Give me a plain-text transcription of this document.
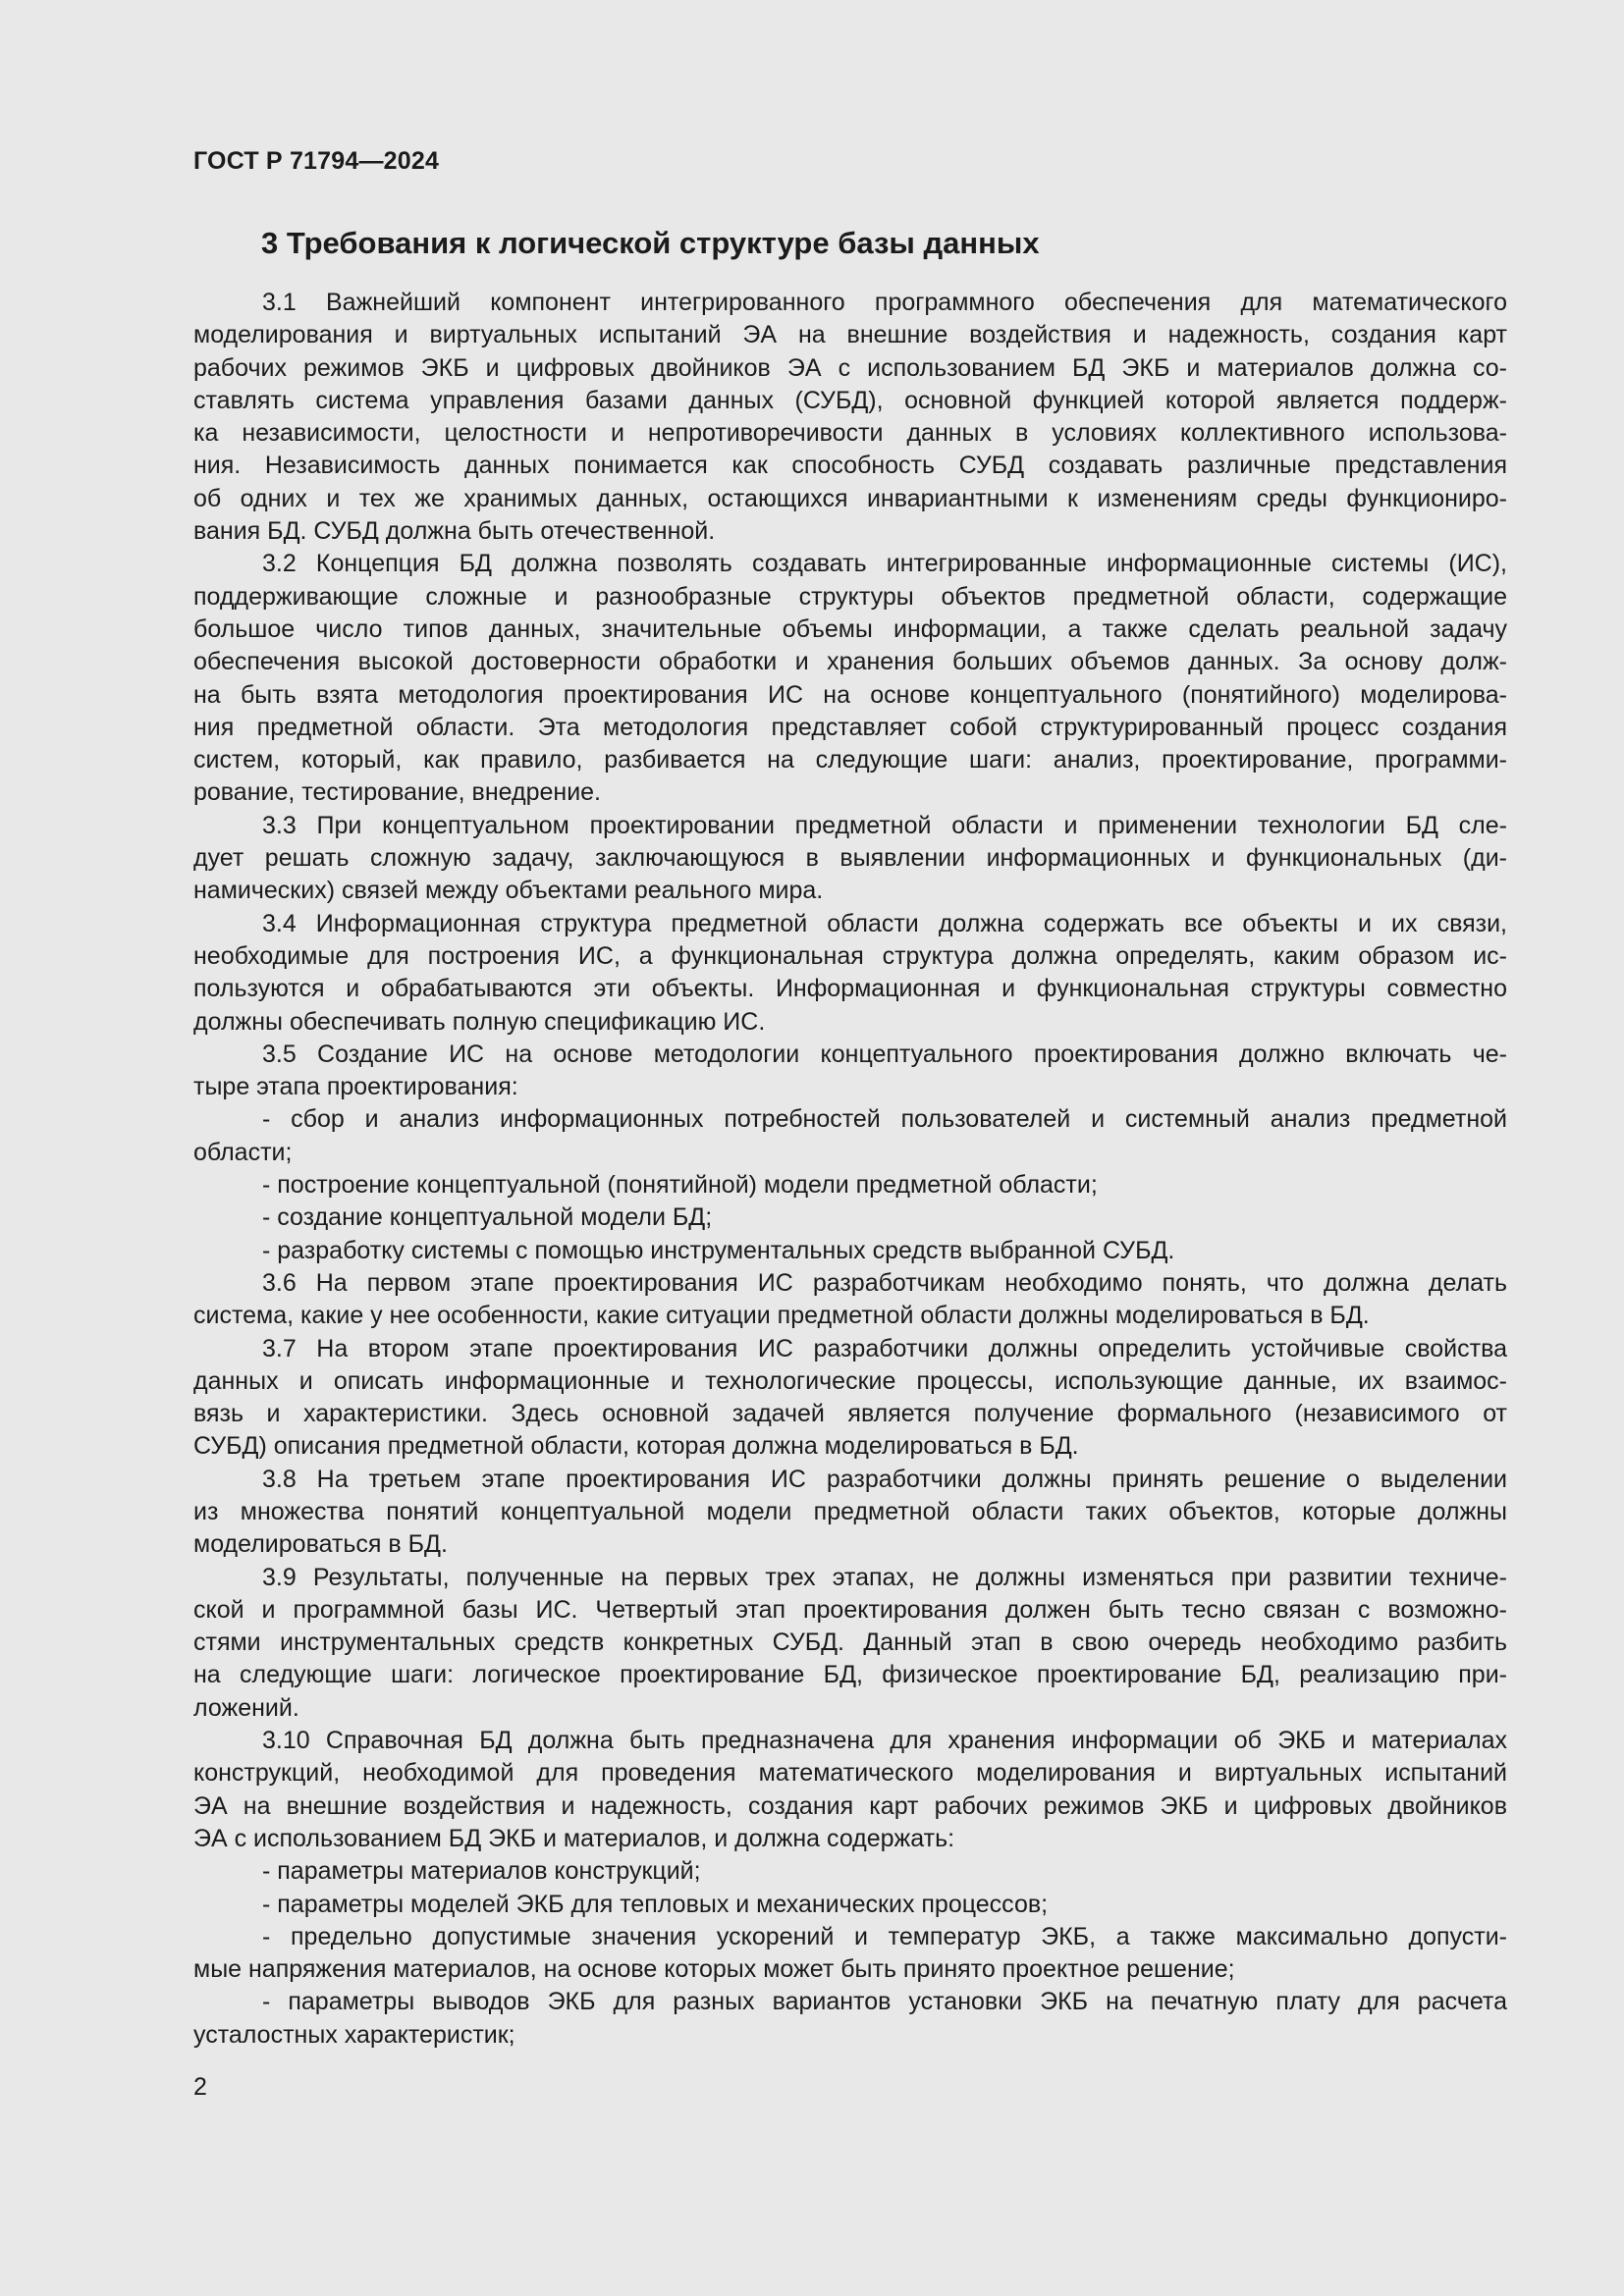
ГОСТ Р 71794—2024
3 Требования к логической структуре базы данных
3.1 Важнейший компонент интегрированного программного обеспечения для математического
моделирования и виртуальных испытаний ЭА на внешние воздействия и надежность, создания карт
рабочих режимов ЭКБ и цифровых двойников ЭА с использованием БД ЭКБ и материалов должна со-
ставлять система управления базами данных (СУБД), основной функцией которой является поддерж-
ка независимости, целостности и непротиворечивости данных в условиях коллективного использова-
ния. Независимость данных понимается как способность СУБД создавать различные представления
об одних и тех же хранимых данных, остающихся инвариантными к изменениям среды функционирo-
вания БД. СУБД должна быть отечественной.
3.2 Концепция БД должна позволять создавать интегрированные информационные системы (ИС),
поддерживающие сложные и разнообразные структуры объектов предметной области, содержащие
большое число типов данных, значительные объемы информации, а также сделать реальной задачу
обеспечения высокой достоверности обработки и хранения больших объемов данных. За основу долж-
на быть взята методология проектирования ИС на основе концептуального (понятийного) моделирова-
ния предметной области. Эта методология представляет собой структурированный процесс создания
систем, который, как правило, разбивается на следующие шаги: анализ, проектирование, программи-
рование, тестирование, внедрение.
3.3 При концептуальном проектировании предметной области и применении технологии БД сле-
дует решать сложную задачу, заключающуюся в выявлении информационных и функциональных (ди-
намических) связей между объектами реального мира.
3.4 Информационная структура предметной области должна содержать все объекты и их связи,
необходимые для построения ИС, а функциональная структура должна определять, каким образом ис-
пользуются и обрабатываются эти объекты. Информационная и функциональная структуры совместно
должны обеспечивать полную спецификацию ИС.
3.5 Создание ИС на основе методологии концептуального проектирования должно включать че-
тыре этапа проектирования:
- сбор и анализ информационных потребностей пользователей и системный анализ предметной
области;
- построение концептуальной (понятийной) модели предметной области;
- создание концептуальной модели БД;
- разработку системы с помощью инструментальных средств выбранной СУБД.
3.6 На первом этапе проектирования ИС разработчикам необходимо понять, что должна делать
система, какие у нее особенности, какие ситуации предметной области должны моделироваться в БД.
3.7 На втором этапе проектирования ИС разработчики должны определить устойчивые свойства
данных и описать информационные и технологические процессы, использующие данные, их взаимос-
вязь и характеристики. Здесь основной задачей является получение формального (независимого от
СУБД) описания предметной области, которая должна моделироваться в БД.
3.8 На третьем этапе проектирования ИС разработчики должны принять решение о выделении
из множества понятий концептуальной модели предметной области таких объектов, которые должны
моделироваться в БД.
3.9 Результаты, полученные на первых трех этапах, не должны изменяться при развитии техниче-
ской и программной базы ИС. Четвертый этап проектирования должен быть тесно связан с возможно-
стями инструментальных средств конкретных СУБД. Данный этап в свою очередь необходимо разбить
на следующие шаги: логическое проектирование БД, физическое проектирование БД, реализацию при-
ложений.
3.10 Справочная БД должна быть предназначена для хранения информации об ЭКБ и материалах
конструкций, необходимой для проведения математического моделирования и виртуальных испытаний
ЭА на внешние воздействия и надежность, создания карт рабочих режимов ЭКБ и цифровых двойников
ЭА с использованием БД ЭКБ и материалов, и должна содержать:
- параметры материалов конструкций;
- параметры моделей ЭКБ для тепловых и механических процессов;
- предельно допустимые значения ускорений и температур ЭКБ, а также максимально допусти-
мые напряжения материалов, на основе которых может быть принято проектное решение;
- параметры выводов ЭКБ для разных вариантов установки ЭКБ на печатную плату для расчета
усталостных характеристик;
2
